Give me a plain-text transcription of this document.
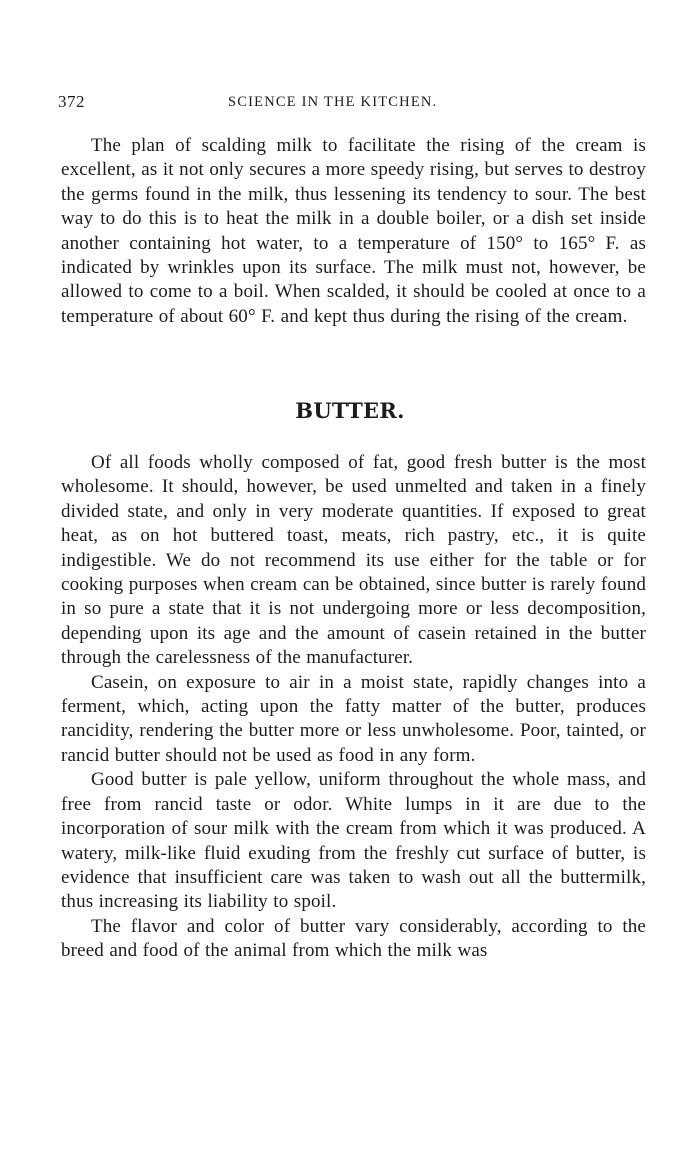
372	SCIENCE IN THE KITCHEN.

The plan of scalding milk to facilitate the rising of the cream is excellent, as it not only secures a more speedy rising, but serves to destroy the germs found in the milk, thus lessening its tendency to sour. The best way to do this is to heat the milk in a double boiler, or a dish set inside another containing hot water, to a temperature of 150° to 165° F. as indicated by wrinkles upon its surface. The milk must not, however, be allowed to come to a boil. When scalded, it should be cooled at once to a temperature of about 60° F. and kept thus during the rising of the cream.

BUTTER.

Of all foods wholly composed of fat, good fresh butter is the most wholesome. It should, however, be used unmelted and taken in a finely divided state, and only in very moderate quantities. If exposed to great heat, as on hot buttered toast, meats, rich pastry, etc., it is quite indigestible. We do not recommend its use either for the table or for cooking purposes when cream can be obtained, since butter is rarely found in so pure a state that it is not undergoing more or less decomposition, depending upon its age and the amount of casein retained in the butter through the carelessness of the manufacturer.

Casein, on exposure to air in a moist state, rapidly changes into a ferment, which, acting upon the fatty matter of the butter, produces rancidity, rendering the butter more or less unwholesome. Poor, tainted, or rancid butter should not be used as food in any form.

Good butter is pale yellow, uniform throughout the whole mass, and free from rancid taste or odor. White lumps in it are due to the incorporation of sour milk with the cream from which it was produced. A watery, milk-like fluid exuding from the freshly cut surface of butter, is evidence that insufficient care was taken to wash out all the buttermilk, thus increasing its liability to spoil.

The flavor and color of butter vary considerably, according to the breed and food of the animal from which the milk was
